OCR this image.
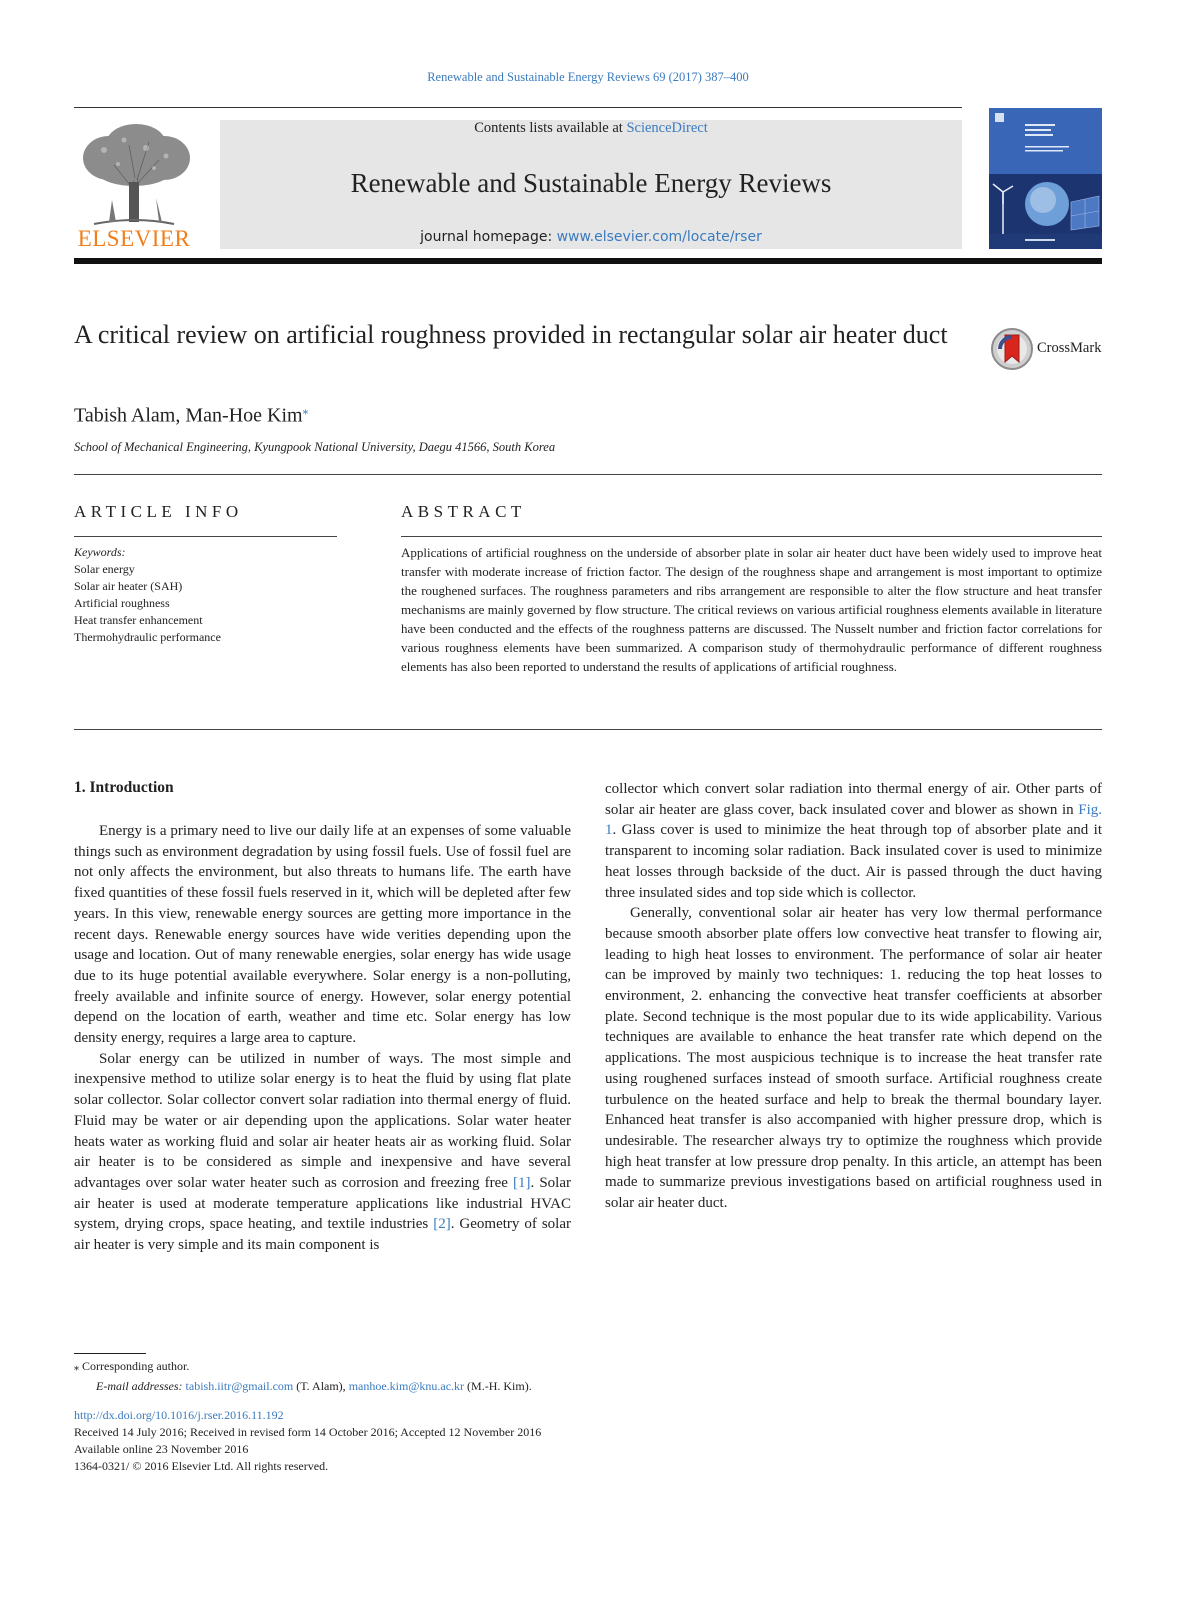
Renewable and Sustainable Energy Reviews 69 (2017) 387–400
ELSEVIER
Contents lists available at ScienceDirect
Renewable and Sustainable Energy Reviews
journal homepage: www.elsevier.com/locate/rser
A critical review on artificial roughness provided in rectangular solar air heater duct	CrossMark
Tabish Alam, Man-Hoe Kim⁎
School of Mechanical Engineering, Kyungpook National University, Daegu 41566, South Korea
ARTICLE INFO
Keywords:
Solar energy
Solar air heater (SAH)
Artificial roughness
Heat transfer enhancement
Thermohydraulic performance
ABSTRACT
Applications of artificial roughness on the underside of absorber plate in solar air heater duct have been widely used to improve heat transfer with moderate increase of friction factor. The design of the roughness shape and arrangement is most important to optimize the roughened surfaces. The roughness parameters and ribs arrangement are responsible to alter the flow structure and heat transfer mechanisms are mainly governed by flow structure. The critical reviews on various artificial roughness elements available in literature have been conducted and the effects of the roughness patterns are discussed. The Nusselt number and friction factor correlations for various roughness elements have been summarized. A comparison study of thermohydraulic performance of different roughness elements has also been reported to understand the results of applications of artificial roughness.
1. Introduction

Energy is a primary need to live our daily life at an expenses of some valuable things such as environment degradation by using fossil fuels. Use of fossil fuel are not only affects the environment, but also threats to humans life. The earth have fixed quantities of these fossil fuels reserved in it, which will be depleted after few years. In this view, renewable energy sources are getting more importance in the recent days. Renewable energy sources have wide verities depending upon the usage and location. Out of many renewable energies, solar energy has wide usage due to its huge potential available everywhere. Solar energy is a non-polluting, freely available and infinite source of energy. However, solar energy potential depend on the location of earth, weather and time etc. Solar energy has low density energy, requires a large area to capture.

Solar energy can be utilized in number of ways. The most simple and inexpensive method to utilize solar energy is to heat the fluid by using flat plate solar collector. Solar collector convert solar radiation into thermal energy of fluid. Fluid may be water or air depending upon the applications. Solar water heater heats water as working fluid and solar air heater heats air as working fluid. Solar air heater is to be considered as simple and inexpensive and have several advantages over solar water heater such as corrosion and freezing free [1]. Solar air heater is used at moderate temperature applications like industrial HVAC system, drying crops, space heating, and textile industries [2]. Geometry of solar air heater is very simple and its main component is

collector which convert solar radiation into thermal energy of air. Other parts of solar air heater are glass cover, back insulated cover and blower as shown in Fig. 1. Glass cover is used to minimize the heat through top of absorber plate and it transparent to incoming solar radiation. Back insulated cover is used to minimize heat losses through backside of the duct. Air is passed through the duct having three insulated sides and top side which is collector.

Generally, conventional solar air heater has very low thermal performance because smooth absorber plate offers low convective heat transfer to flowing air, leading to high heat losses to environment. The performance of solar air heater can be improved by mainly two techniques: 1. reducing the top heat losses to environment, 2. enhancing the convective heat transfer coefficients at absorber plate. Second technique is the most popular due to its wide applicability. Various techniques are available to enhance the heat transfer rate which depend on the applications. The most auspicious technique is to increase the heat transfer rate using roughened surfaces instead of smooth surface. Artificial roughness create turbulence on the heated surface and help to break the thermal boundary layer. Enhanced heat transfer is also accompanied with higher pressure drop, which is undesirable. The researcher always try to optimize the roughness which provide high heat transfer at low pressure drop penalty. In this article, an attempt has been made to summarize previous investigations based on artificial roughness used in solar air heater duct.

⁎ Corresponding author.
E-mail addresses: tabish.iitr@gmail.com (T. Alam), manhoe.kim@knu.ac.kr (M.-H. Kim).
http://dx.doi.org/10.1016/j.rser.2016.11.192
Received 14 July 2016; Received in revised form 14 October 2016; Accepted 12 November 2016
Available online 23 November 2016
1364-0321/ © 2016 Elsevier Ltd. All rights reserved.
